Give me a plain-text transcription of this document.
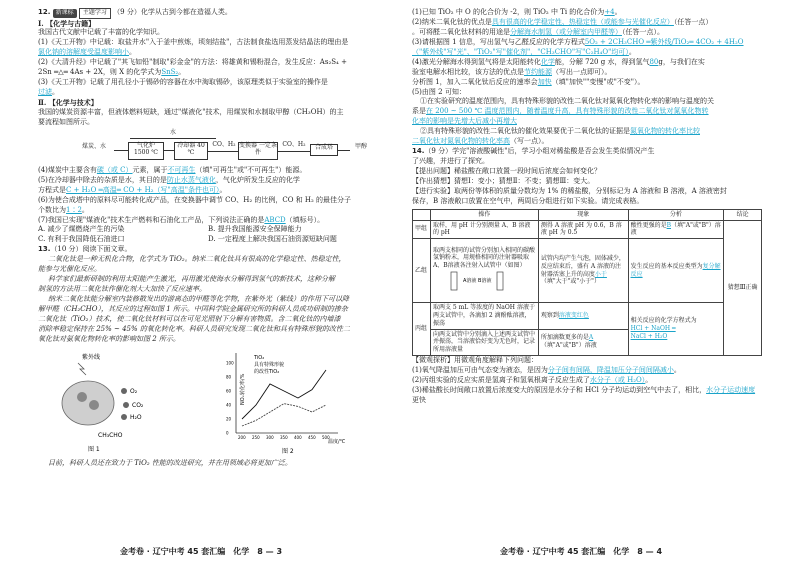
12. 新课标 主题学习 （9 分）化学从古到今都在造福人类。
Ⅰ. 【化学与古籍】
我国古代文献中记载了丰富的化学知识。
(1)《天工开物》中记载：取盐井水"入于釜中煎炼，顷刻结盐"，古法制食盐选用蒸发结晶法的理由是
氯化钠的溶解度受温度影响小。
(2)《大清升经》中记载了"其飞如铅"制取"彩金金"的方法：将雄黄和锡粉混合，发生反应：As₂S₄ +
2Sn ═△═ 4As + 2X，则 X 的化学式为SnS₂。
(3)《天工开物》记载了用孔径小于锡砂的容器在水中淘取锡砂，该原理类似于实验室的操作是
过滤。
Ⅱ. 【化学与技术】
我国的煤炭资源丰富，但液体燃料短缺，通过"煤液化"技术，用煤炭和水制取甲醇（CH₃OH）的主
要流程如图所示。
水
煤炭、水	气化炉 1500 ℃
冷却器 40 ℃
CO、H₂ 变换器 一定条件
CO、H₂	合成塔	甲醇
(4)煤炭中主要含有碳（或 C）元素，属于不可再生（填"可再生"或"不可再生"）能源。
(5)在冷却器中除去的杂质是水，其目的是防止水蒸气液化，气化炉所发生反应的化学
方程式是C + H₂O ═高温═ CO + H₂（写"高温"条件也可）。
(6)为使合成塔中的原料尽可能转化成产品，在变换器中调节 CO、H₂ 的比例，CO 和 H₂ 的最佳分子
个数比为1∶2。
(7)我国已实现"煤液化"技术生产燃料和石油化工产品，下列说法正确的是ABCD（填标号）。
A. 减少了煤燃烧产生的污染	B. 提升我国能源安全保障能力
C. 有利于我国降低石油进口	D. 一定程度上解决我国石油资源短缺问题
13.（10 分）阅读下面文章。
二氧化钛是一种无机化合物，化学式为 TiO₂。纳米二氧化钛具有很高的化学稳定性、热稳定性，
能参与光催化反应。
科学家们最新研制的利用太阳能产生激光，再用激光使海水分解得到氢气的新技术，这种分解
制氢的方法用二氧化钛作催化剂大大加快了反应速率。
纳米二氧化钛能分解室内装修散发出的游离态的甲醛等化学物，在紫外光（紫线）的作用下可以降
解甲醛（CH₂CHO），其反应的过程如图 1 所示。中国科学院金属研究所的科研人员成功研制的掺杂
二氧化钛（TiO₂）技术，使二氧化钛材料可以在可见光照射下分解有害物质。含二氧化钛的内墙漆
消除率稳定保持在 25% ~ 45% 的氧化转化率。科研人员研究发现二氧化钛和具有特殊形貌的改性二
氧化钛对氨氧化物转化率的影响如图 2 所示。
紫外线
O₂
CO₂
H₂O
CH₃CHO
图 1
NOₓ转化率/%
温度/℃
200 250 300 350 400 450 500
0
20
40
60
80
100
TiO₂
具有特殊形貌
的改性TiO₂
图 2
目前，科研人员还在致力于 TiO₂ 性能的改进研究，并在用领域必将更加广泛。
(1)已知 TiO₂ 中 O 的化合价为 -2，则 TiO₂ 中 Ti 的化合价为+4。
(2)纳米二氧化钛的优点是具有很高的化学稳定性、热稳定性（或能参与光催化反应）（任答一点）
。可将醛二氧化钛材料的用途是分解海水制氢（或分解室内甲醛等）（任答一点）。
(3)请根据图 1 信息，写出氢气与乙醛反应的化学方程式5O₂ + 2CH₃CHO ═紫外线/TiO₂═ 4CO₂ + 4H₂O
（"紫外线"写"光"、"TiO₂"写"催化剂"，"CH₃CHO"写"C₂H₄O"均可）。
(4)激光分解海水得到氢气将是太阳能转化化学能，分解 720 g 水，得到氢气80g，与我们在实
验室电解水相比较，该方法的优点是节约能源（写出一点即可）。
分析图 1，加入二氧化钛后反应的速率会加快（填"加快""变慢"或"不变"）。
(5)由图 2 可知：
①在实验研究的温度范围内，具有特殊形貌的改性二氧化钛对氮氧化物转化率的影响与温度的关
系是在 200 ~ 500 ℃ 温度范围内，随着温度升高，具有特殊形貌的改性二氧化钛对氮氧化物转
化率的影响是先增大后减小再增大
②具有特殊形貌的改性二氧化钛的催化效果要优于二氧化钛的证据是氮氧化物的转化率比较
二氧化钛对氮氧化物的转化率高（写一点）。
14.（9 分）学完"溶液酸碱性"后，学习小组对稀盐酸是否会发生类似情况产生
了兴趣，并进行了探究。
【提出问题】稀盐酸在敞口放置一段时间后浓度会如何变化？
【作出猜想】猜想Ⅰ：变小；猜想Ⅱ：不变；猜想Ⅲ：变大。
【进行实验】取两份等体积的质量分数均为 1% 的稀盐酸，分别标记为 A 溶液和 B 溶液，A 溶液密封
保存，B 溶液敞口放置在空气中，两周后分组进行如下实验。请完成表格。
	操作	现象	分析	结论
甲组	取样，用 pH 计分别测量 A、B 溶液的 pH	测得 A 溶液 pH 为 0.6，B 溶液 pH 为 0.5	酸性更强的是B（填"A"或"B"）溶液	猜想Ⅲ正确
乙组	取两支相同的试管分别加入相同的碳酸氢钠粉末，用规格相同的注射器吸取A、B溶液各注射入试管中（如图）
A溶液 B溶液	试管内均产生气泡，固体减少，反应结束后，盛有 A 溶液的注射器活塞上升的高度小于（填"大于"或"小于"）	发生反应的基本反应类型为复分解反应	
丙组	取两支 5 mL 等浓度的 NaOH 溶液于两支试管中，各滴加 2 滴酚酞溶液，振荡	观察到溶液变红色	相关反应的化学方程式为
HCl + NaOH ═
NaCl + H₂O	
	向两支试管中分别滴入上述两支试管中并振荡，当溶液恰好变为无色时，记录所用溶液量	所加滴数更多的是A（填"A"或"B"）溶液		
【微观探析】用微观角度解释下列问题：
(1)氧气降温加压可由气态变为液态，是因为分子间有间隔，降温加压分子间间隔减小。
(2)丙组实验的反应实质是氢离子和氢氧根离子反应生成了水分子（或 H₂O）。
(3)稀盐酸长时间敞口放置后浓度变大的原因是水分子和 HCl 分子均运动到空气中去了，相比，水分子运动速度
更快
金考卷 · 辽宁中考 45 套汇编　化学　8 — 3	金考卷 · 辽宁中考 45 套汇编　化学　8 — 4
